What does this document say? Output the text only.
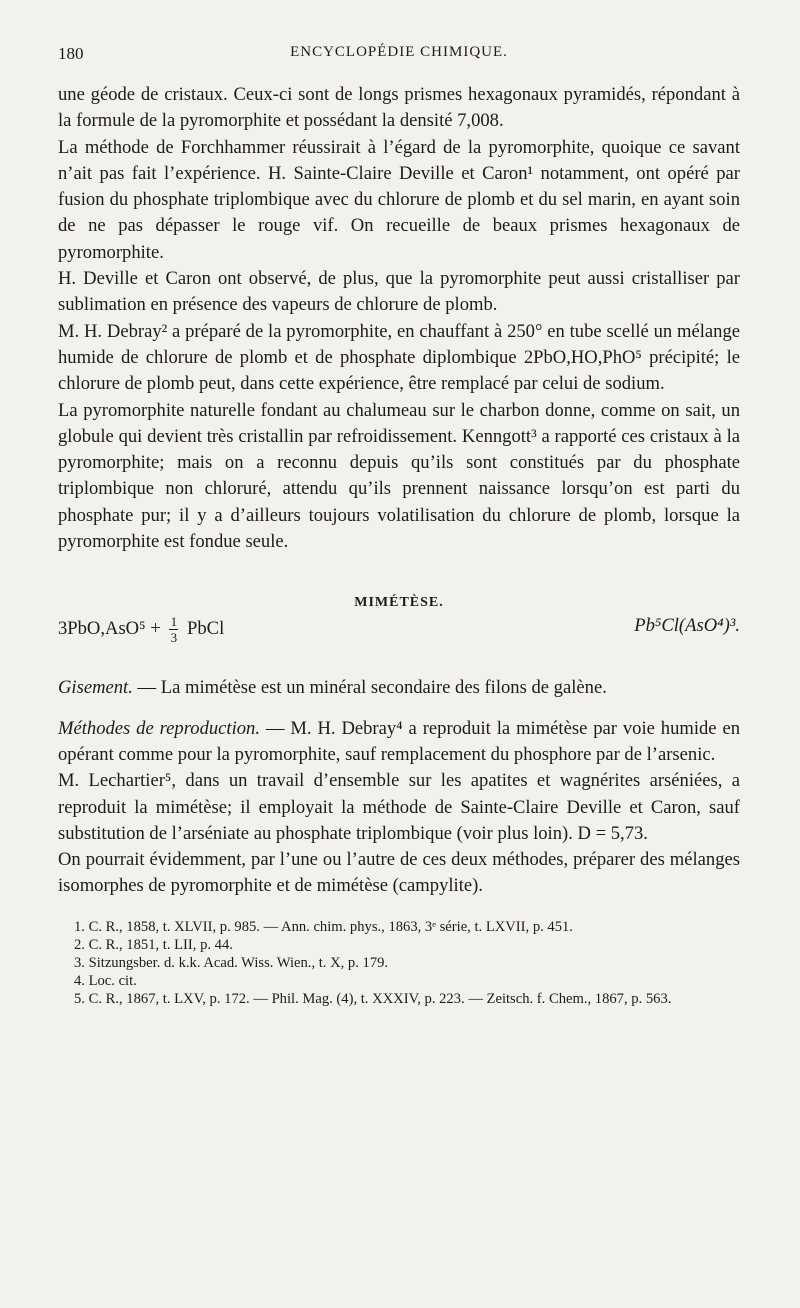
180	ENCYCLOPÉDIE CHIMIQUE.

une géode de cristaux. Ceux-ci sont de longs prismes hexagonaux pyramidés, répondant à la formule de la pyromorphite et possédant la densité 7,008.

La méthode de Forchhammer réussirait à l’égard de la pyromorphite, quoique ce savant n’ait pas fait l’expérience. H. Sainte-Claire Deville et Caron¹ notamment, ont opéré par fusion du phosphate triplombique avec du chlorure de plomb et du sel marin, en ayant soin de ne pas dépasser le rouge vif. On recueille de beaux prismes hexagonaux de pyromorphite.

H. Deville et Caron ont observé, de plus, que la pyromorphite peut aussi cristalliser par sublimation en présence des vapeurs de chlorure de plomb.

M. H. Debray² a préparé de la pyromorphite, en chauffant à 250° en tube scellé un mélange humide de chlorure de plomb et de phosphate diplombique 2PbO,HO,PhO⁵ précipité; le chlorure de plomb peut, dans cette expérience, être remplacé par celui de sodium.

La pyromorphite naturelle fondant au chalumeau sur le charbon donne, comme on sait, un globule qui devient très cristallin par refroidissement. Kenngott³ a rapporté ces cristaux à la pyromorphite; mais on a reconnu depuis qu’ils sont constitués par du phosphate triplombique non chloruré, attendu qu’ils prennent naissance lorsqu’on est parti du phosphate pur; il y a d’ailleurs toujours volatilisation du chlorure de plomb, lorsque la pyromorphite est fondue seule.

MIMÉTÈSE.
$3PbO,AsO^5 + \frac{1}{3}$ PbCl	Pb⁵Cl(AsO⁴)³.

Gisement. — La mimétèse est un minéral secondaire des filons de galène.

Méthodes de reproduction. — M. H. Debray⁴ a reproduit la mimétèse par voie humide en opérant comme pour la pyromorphite, sauf remplacement du phosphore par de l’arsenic.

M. Lechartier⁵, dans un travail d’ensemble sur les apatites et wagnérites arséniées, a reproduit la mimétèse; il employait la méthode de Sainte-Claire Deville et Caron, sauf substitution de l’arséniate au phosphate triplombique (voir plus loin). D = 5,73.

On pourrait évidemment, par l’une ou l’autre de ces deux méthodes, préparer des mélanges isomorphes de pyromorphite et de mimétèse (campylite).

1. C. R., 1858, t. XLVII, p. 985. — Ann. chim. phys., 1863, 3ᵉ série, t. LXVII, p. 451.
2. C. R., 1851, t. LII, p. 44.
3. Sitzungsber. d. k.k. Acad. Wiss. Wien., t. X, p. 179.
4. Loc. cit.
5. C. R., 1867, t. LXV, p. 172. — Phil. Mag. (4), t. XXXIV, p. 223. — Zeitsch. f. Chem., 1867, p. 563.
